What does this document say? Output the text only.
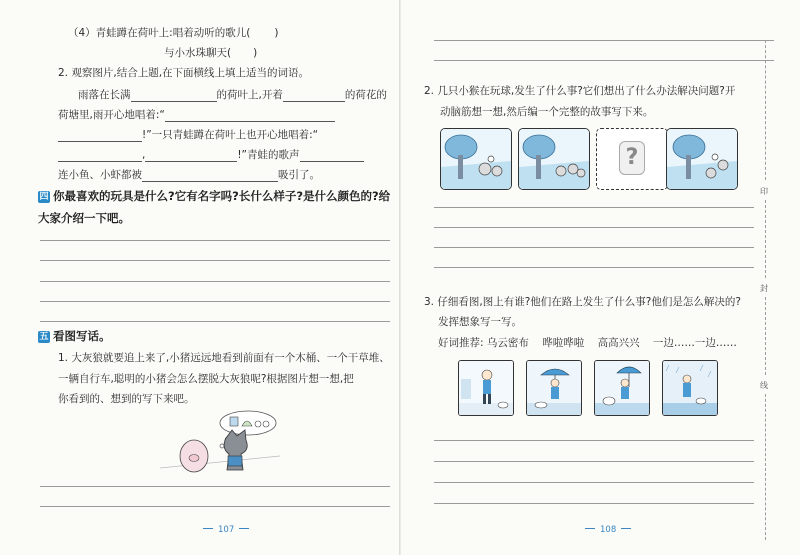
（4）青蛙蹲在荷叶上:唱着动听的歌儿( )
与小水珠聊天( )
2. 观察图片,结合上题,在下面横线上填上适当的词语。
雨落在长满	的荷叶上,开着	的荷花的
荷塘里,雨开心地唱着:“
!”一只青蛙蹲在荷叶上也开心地唱着:“
,	!”青蛙的歌声
连小鱼、小虾都被	吸引了。
四 你最喜欢的玩具是什么?它有名字吗?长什么样子?是什么颜色的?给
大家介绍一下吧。
五 看图写话。
1. 大灰狼就要追上来了,小猪远远地看到前面有一个木桶、一个干草堆、
一辆自行车,聪明的小猪会怎么摆脱大灰狼呢?根据图片想一想,把
你看到的、想到的写下来吧。
107
2. 几只小猴在玩球,发生了什么事?它们想出了什么办法解决问题?开
动脑筋想一想,然后编一个完整的故事写下来。
?
3. 仔细看图,图上有谁?他们在路上发生了什么事?他们是怎么解决的?
发挥想象写一写。
好词推荐: 乌云密布 哗啦哗啦 高高兴兴 一边……一边……
108
印
封
线
